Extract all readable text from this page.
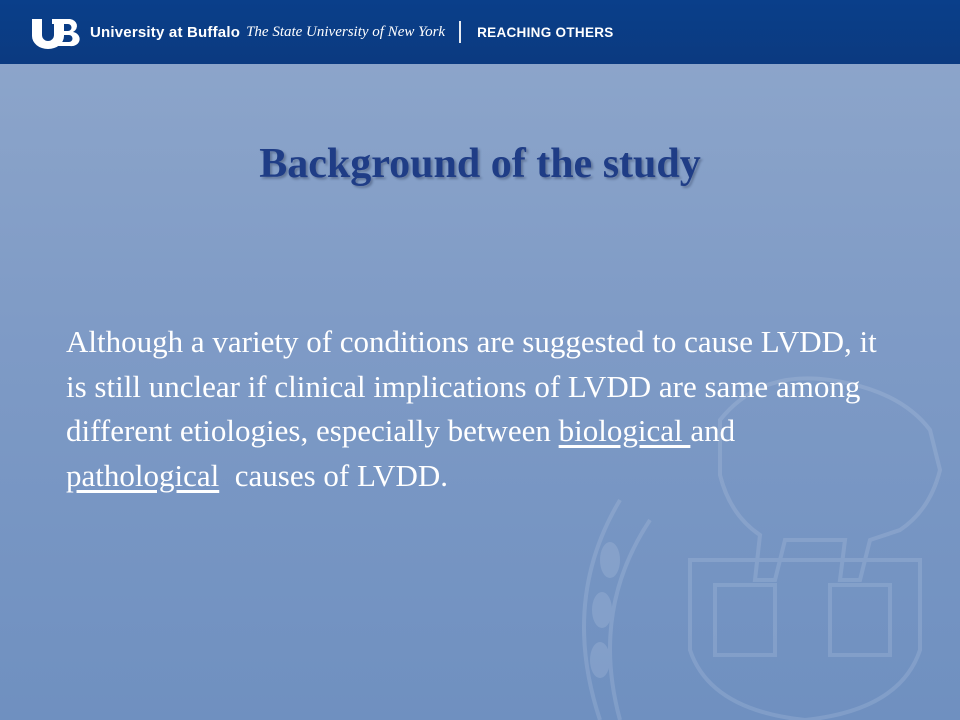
University at Buffalo The State University of New York REACHING OTHERS
Background of the study
Although a variety of conditions are suggested to cause LVDD, it is still unclear if clinical implications of LVDD are same among different etiologies, especially between biological and
pathological  causes of LVDD.
